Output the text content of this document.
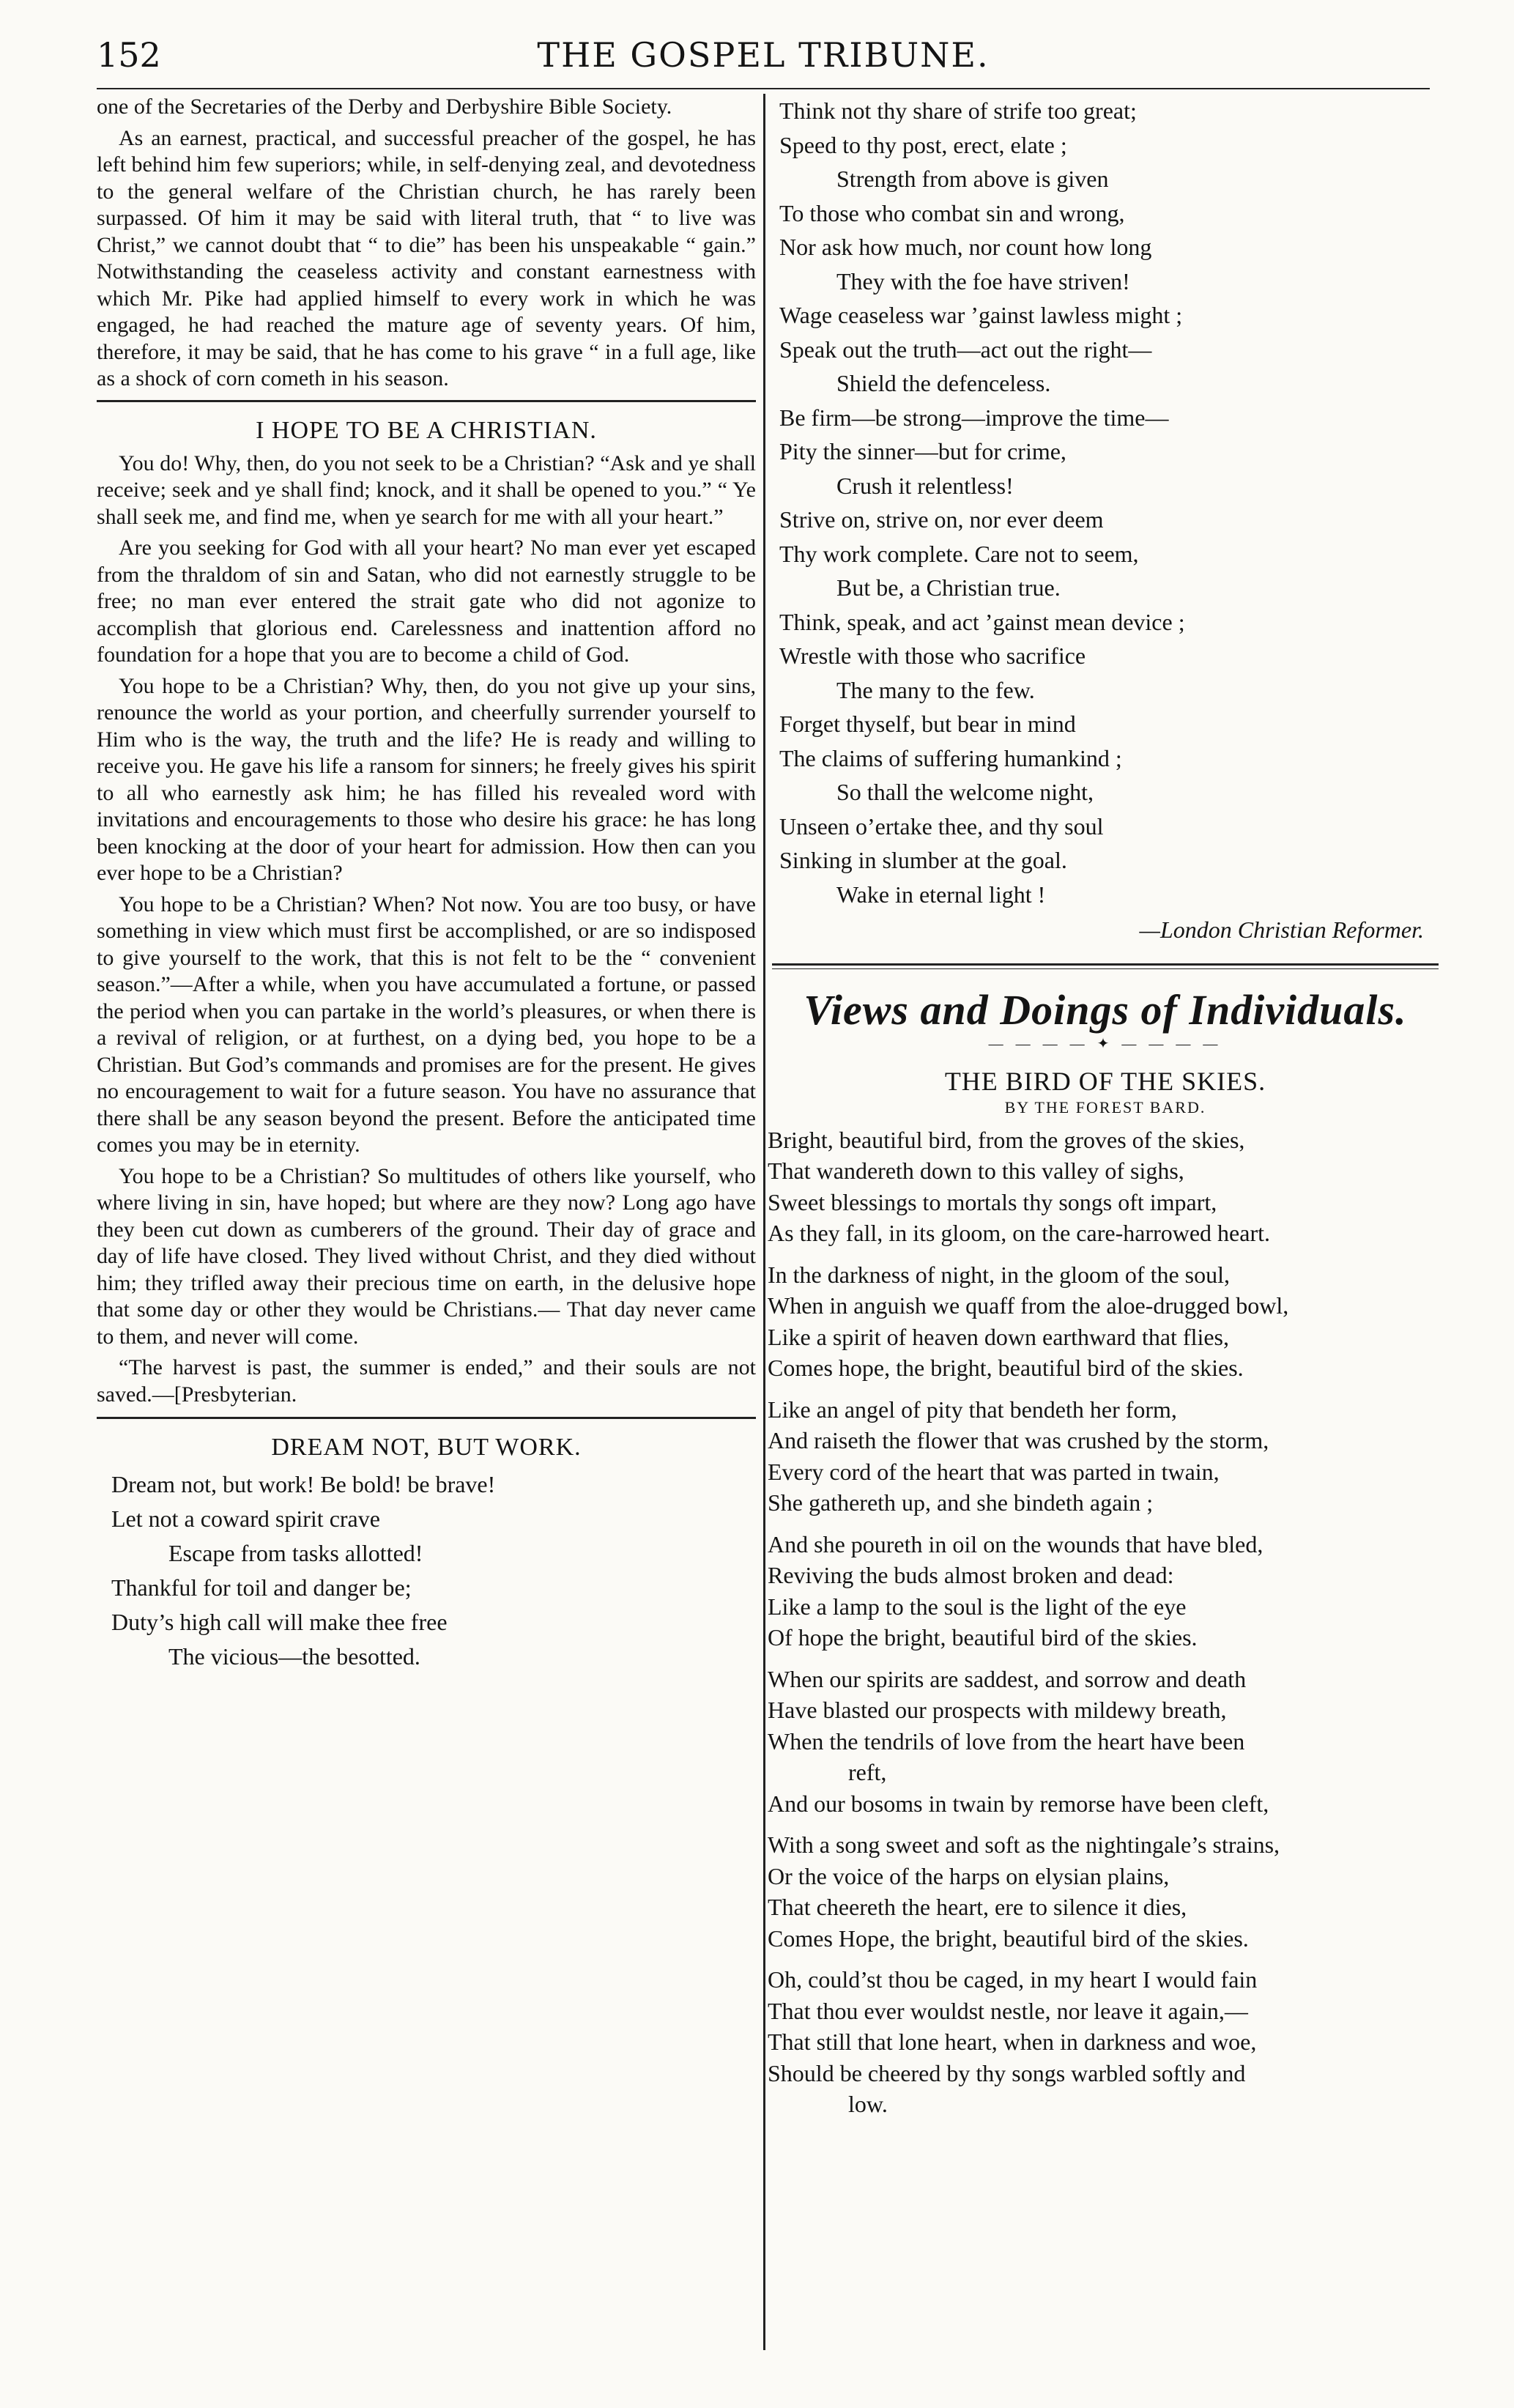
152	THE GOSPEL TRIBUNE.

one of the Secretaries of the Derby and Derbyshire Bible Society.

As an earnest, practical, and successful preacher of the gospel, he has left behind him few superiors; while, in self-denying zeal, and devotedness to the general welfare of the Christian church, he has rarely been surpassed. Of him it may be said with literal truth, that “ to live was Christ,” we cannot doubt that “ to die” has been his unspeakable “ gain.” Notwithstanding the ceaseless activity and constant earnestness with which Mr. Pike had applied himself to every work in which he was engaged, he had reached the mature age of seventy years. Of him, therefore, it may be said, that he has come to his grave “ in a full age, like as a shock of corn cometh in his season.

I HOPE TO BE A CHRISTIAN.

You do! Why, then, do you not seek to be a Christian? “Ask and ye shall receive; seek and ye shall find; knock, and it shall be opened to you.” “ Ye shall seek me, and find me, when ye search for me with all your heart.”

Are you seeking for God with all your heart? No man ever yet escaped from the thraldom of sin and Satan, who did not earnestly struggle to be free; no man ever entered the strait gate who did not agonize to accomplish that glorious end. Carelessness and inattention afford no foundation for a hope that you are to become a child of God.

You hope to be a Christian? Why, then, do you not give up your sins, renounce the world as your portion, and cheerfully surrender yourself to Him who is the way, the truth and the life? He is ready and willing to receive you. He gave his life a ransom for sinners; he freely gives his spirit to all who earnestly ask him; he has filled his revealed word with invitations and encouragements to those who desire his grace: he has long been knocking at the door of your heart for admission. How then can you ever hope to be a Christian?

You hope to be a Christian? When? Not now. You are too busy, or have something in view which must first be accomplished, or are so indisposed to give yourself to the work, that this is not felt to be the “ convenient season.”—After a while, when you have accumulated a fortune, or passed the period when you can partake in the world’s pleasures, or when there is a revival of religion, or at furthest, on a dying bed, you hope to be a Christian. But God’s commands and promises are for the present. He gives no encouragement to wait for a future season. You have no assurance that there shall be any season beyond the present. Before the anticipated time comes you may be in eternity.

You hope to be a Christian? So multitudes of others like yourself, who where living in sin, have hoped; but where are they now? Long ago have they been cut down as cumberers of the ground. Their day of grace and day of life have closed. They lived without Christ, and they died without him; they trifled away their precious time on earth, in the delusive hope that some day or other they would be Christians.— That day never came to them, and never will come.

“The harvest is past, the summer is ended,” and their souls are not saved.—[Presbyterian.

DREAM NOT, BUT WORK.
Dream not, but work! Be bold! be brave!
Let not a coward spirit crave
Escape from tasks allotted!
Thankful for toil and danger be;
Duty’s high call will make thee free
The vicious—the besotted.
Think not thy share of strife too great;
Speed to thy post, erect, elate ;
Strength from above is given
To those who combat sin and wrong,
Nor ask how much, nor count how long
They with the foe have striven!
Wage ceaseless war ’gainst lawless might ;
Speak out the truth—act out the right—
Shield the defenceless.
Be firm—be strong—improve the time—
Pity the sinner—but for crime,
Crush it relentless!
Strive on, strive on, nor ever deem
Thy work complete. Care not to seem,
But be, a Christian true.
Think, speak, and act ’gainst mean device ;
Wrestle with those who sacrifice
The many to the few.
Forget thyself, but bear in mind
The claims of suffering humankind ;
So thall the welcome night,
Unseen o’ertake thee, and thy soul
Sinking in slumber at the goal.
Wake in eternal light !
—London Christian Reformer.
Views and Doings of Individuals.
— — — — ✦ — — — —
THE BIRD OF THE SKIES.
BY THE FOREST BARD.
Bright, beautiful bird, from the groves of the skies,
That wandereth down to this valley of sighs,
Sweet blessings to mortals thy songs oft impart,
As they fall, in its gloom, on the care-harrowed heart.
In the darkness of night, in the gloom of the soul,
When in anguish we quaff from the aloe-drugged bowl,
Like a spirit of heaven down earthward that flies,
Comes hope, the bright, beautiful bird of the skies.
Like an angel of pity that bendeth her form,
And raiseth the flower that was crushed by the storm,
Every cord of the heart that was parted in twain,
She gathereth up, and she bindeth again ;
And she poureth in oil on the wounds that have bled,
Reviving the buds almost broken and dead:
Like a lamp to the soul is the light of the eye
Of hope the bright, beautiful bird of the skies.
When our spirits are saddest, and sorrow and death
Have blasted our prospects with mildewy breath,
When the tendrils of love from the heart have been
reft,
And our bosoms in twain by remorse have been cleft,
With a song sweet and soft as the nightingale’s strains,
Or the voice of the harps on elysian plains,
That cheereth the heart, ere to silence it dies,
Comes Hope, the bright, beautiful bird of the skies.
Oh, could’st thou be caged, in my heart I would fain
That thou ever wouldst nestle, nor leave it again,—
That still that lone heart, when in darkness and woe,
Should be cheered by thy songs warbled softly and
low.
